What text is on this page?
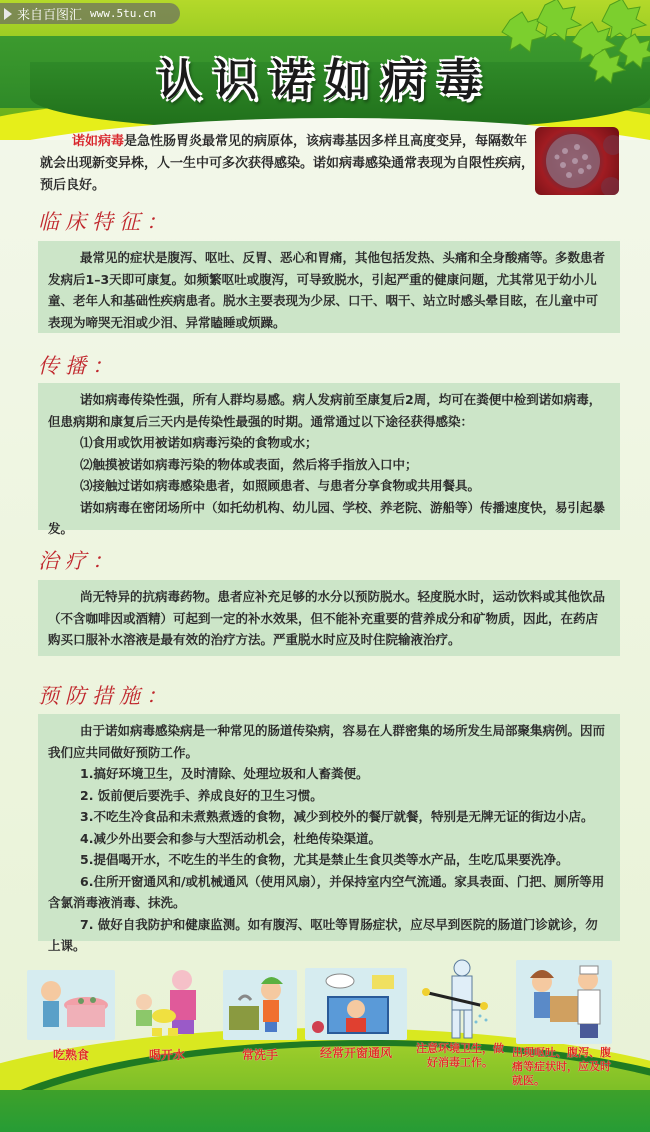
来自百图汇 www.5tu.cn
认识诺如病毒
诺如病毒是急性肠胃炎最常见的病原体，该病毒基因多样且高度变异，每隔数年就会出现新变异株，人一生中可多次获得感染。诺如病毒感染通常表现为自限性疾病，预后良好。
临床特征：

最常见的症状是腹泻、呕吐、反胃、恶心和胃痛，其他包括发热、头痛和全身酸痛等。多数患者发病后1–3天即可康复。如频繁呕吐或腹泻，可导致脱水，引起严重的健康问题，尤其常见于幼小儿童、老年人和基础性疾病患者。脱水主要表现为少尿、口干、咽干、站立时感头晕目眩，在儿童中可表现为啼哭无泪或少泪、异常瞌睡或烦躁。

传播：

诺如病毒传染性强，所有人群均易感。病人发病前至康复后2周，均可在粪便中检到诺如病毒，但患病期和康复后三天内是传染性最强的时期。通常通过以下途径获得感染：

⑴食用或饮用被诺如病毒污染的食物或水；

⑵触摸被诺如病毒污染的物体或表面，然后将手指放入口中；

⑶接触过诺如病毒感染患者，如照顾患者、与患者分享食物或共用餐具。

诺如病毒在密闭场所中（如托幼机构、幼儿园、学校、养老院、游船等）传播速度快，易引起暴发。

治疗：

尚无特异的抗病毒药物。患者应补充足够的水分以预防脱水。轻度脱水时，运动饮料或其他饮品（不含咖啡因或酒精）可起到一定的补水效果，但不能补充重要的营养成分和矿物质，因此，在药店购买口服补水溶液是最有效的治疗方法。严重脱水时应及时住院输液治疗。

预防措施：

由于诺如病毒感染病是一种常见的肠道传染病，容易在人群密集的场所发生局部聚集病例。因而我们应共同做好预防工作。

1.搞好环境卫生，及时清除、处理垃圾和人畜粪便。

2. 饭前便后要洗手、养成良好的卫生习惯。

3.不吃生冷食品和未煮熟煮透的食物，减少到校外的餐厅就餐，特别是无牌无证的街边小店。

4.减少外出要会和参与大型活动机会，杜绝传染渠道。

5.提倡喝开水，不吃生的半生的食物，尤其是禁止生食贝类等水产品，生吃瓜果要洗净。

6.住所开窗通风和/或机械通风（使用风扇），并保持室内空气流通。家具表面、门把、厕所等用含氯消毒液消毒、抹洗。

7. 做好自我防护和健康监测。如有腹泻、呕吐等胃肠症状，应尽早到医院的肠道门诊就诊，勿上课。

吃熟食	喝开水	常洗手	经常开窗通风	注意环境卫生，做好消毒工作。
出现呕吐、腹泻、腹痛等症状时，应及时就医。
